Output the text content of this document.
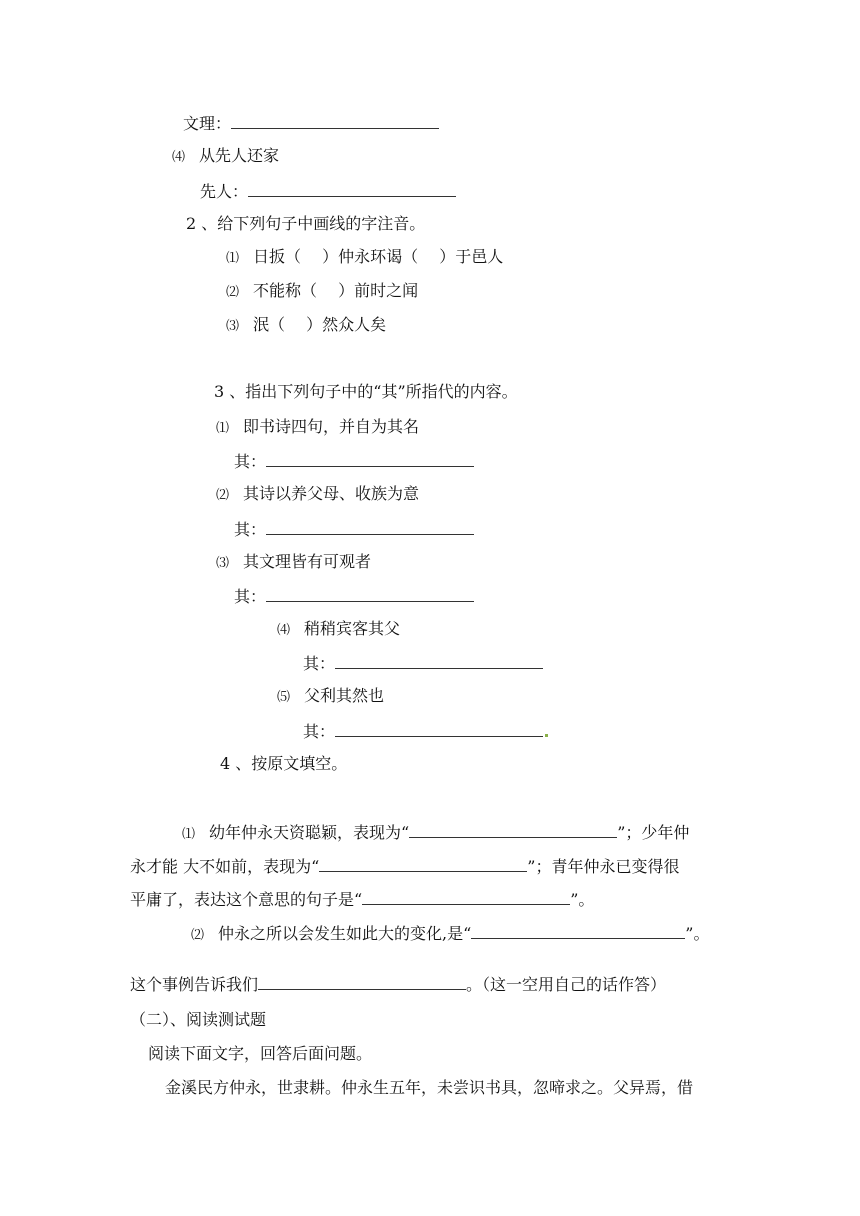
文理：
⑷ 从先人还家
先人：
2 、给下列句子中画线的字注音。
⑴ 日扳（　 ）仲永环谒（　 ）于邑人
⑵ 不能称（　 ）前时之闻
⑶ 泯（　 ）然众人矣
3 、指出下列句子中的“其”所指代的内容。
⑴ 即书诗四句，并自为其名
其：
⑵ 其诗以养父母、收族为意
其：
⑶ 其文理皆有可观者
其：
⑷ 稍稍宾客其父
其：
⑸ 父利其然也
其：
4 、按原文填空。
⑴ 幼年仲永天资聪颖，表现为“	”；少年仲
永才能 大不如前，表现为“	”；青年仲永已变得很
平庸了，表达这个意思的句子是“	”。
⑵ 仲永之所以会发生如此大的变化,是“	”。
这个事例告诉我们	。（这一空用自己的话作答）
（二）、阅读测试题
阅读下面文字，回答后面问题。
金溪民方仲永，世隶耕。仲永生五年，未尝识书具，忽啼求之。父异焉，借
